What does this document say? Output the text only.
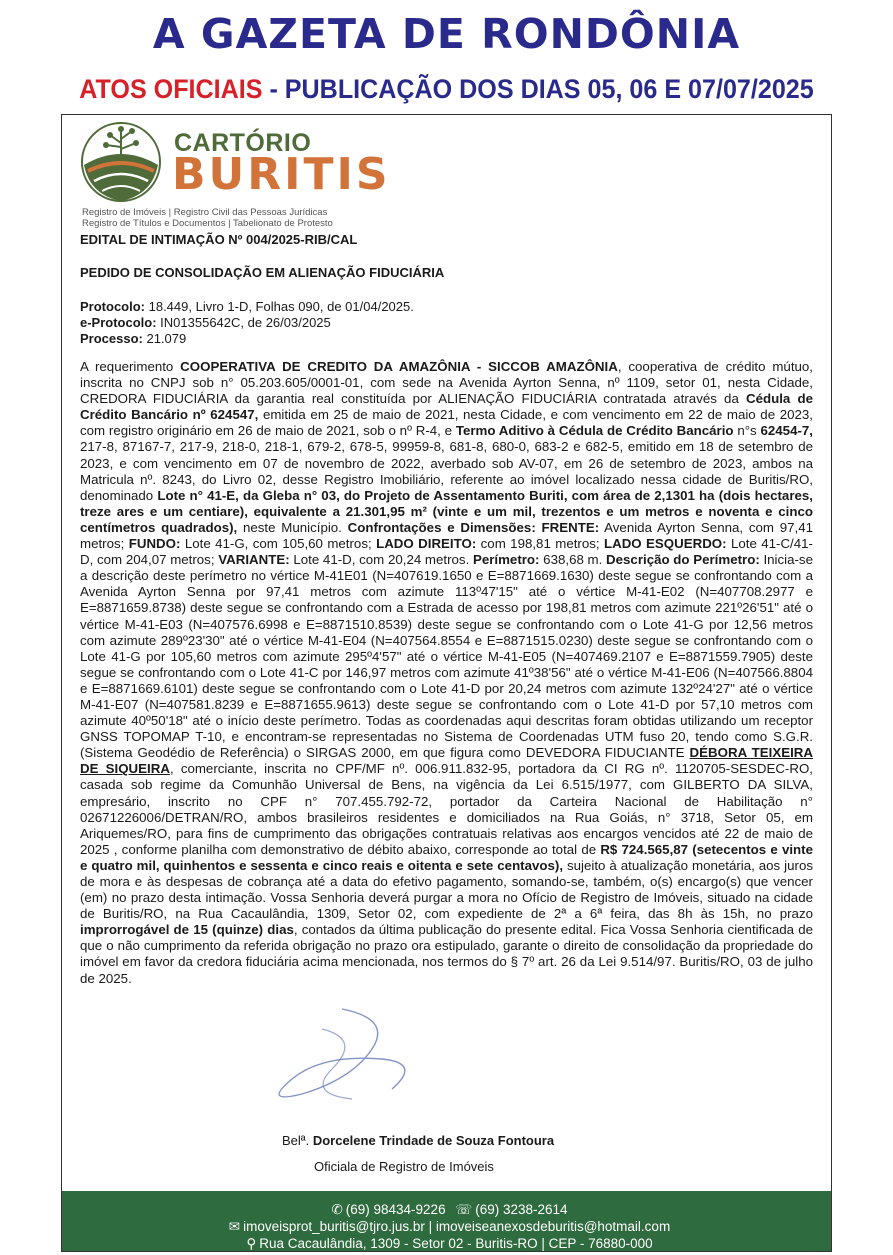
A GAZETA DE RONDÔNIA
ATOS OFICIAIS - PUBLICAÇÃO DOS DIAS 05, 06 E 07/07/2025
CARTÓRIO
BURITIS
Registro de Imóveis | Registro Civil das Pessoas Jurídicas
Registro de Títulos e Documentos | Tabelionato de Protesto
EDITAL DE INTIMAÇÃO Nº 004/2025-RIB/CAL
PEDIDO DE CONSOLIDAÇÃO EM ALIENAÇÃO FIDUCIÁRIA
Protocolo: 18.449, Livro 1-D, Folhas 090, de 01/04/2025.
e-Protocolo: IN01355642C, de 26/03/2025
Processo: 21.079
A requerimento COOPERATIVA DE CREDITO DA AMAZÔNIA - SICCOB AMAZÔNIA, cooperativa de crédito mútuo, inscrita no CNPJ sob n° 05.203.605/0001-01, com sede na Avenida Ayrton Senna, nº 1109, setor 01, nesta Cidade, CREDORA FIDUCIÁRIA da garantia real constituída por ALIENAÇÃO FIDUCIÁRIA contratada através da Cédula de Crédito Bancário nº 624547, emitida em 25 de maio de 2021, nesta Cidade, e com vencimento em 22 de maio de 2023, com registro originário em 26 de maio de 2021, sob o nº R-4, e Termo Aditivo à Cédula de Crédito Bancário n°s 62454-7, 217-8, 87167-7, 217-9, 218-0, 218-1, 679-2, 678-5, 99959-8, 681-8, 680-0, 683-2 e 682-5, emitido em 18 de setembro de 2023, e com vencimento em 07 de novembro de 2022, averbado sob AV-07, em 26 de setembro de 2023, ambos na Matricula nº. 8243, do Livro 02, desse Registro Imobiliário, referente ao imóvel localizado nessa cidade de Buritis/RO, denominado Lote n° 41-E, da Gleba n° 03, do Projeto de Assentamento Buriti, com área de 2,1301 ha (dois hectares, treze ares e um centiare), equivalente a 21.301,95 m² (vinte e um mil, trezentos e um metros e noventa e cinco centímetros quadrados), neste Município. Confrontações e Dimensões: FRENTE: Avenida Ayrton Senna, com 97,41 metros; FUNDO: Lote 41-G, com 105,60 metros; LADO DIREITO: com 198,81 metros; LADO ESQUERDO: Lote 41-C/41-D, com 204,07 metros; VARIANTE: Lote 41-D, com 20,24 metros. Perímetro: 638,68 m. Descrição do Perímetro: Inicia-se a descrição deste perímetro no vértice M-41E01 (N=407619.1650 e E=8871669.1630) deste segue se confrontando com a Avenida Ayrton Senna por 97,41 metros com azimute 113º47'15" até o vértice M-41-E02 (N=407708.2977 e E=8871659.8738) deste segue se confrontando com a Estrada de acesso por 198,81 metros com azimute 221º26'51" até o vértice M-41-E03 (N=407576.6998 e E=8871510.8539) deste segue se confrontando com o Lote 41-G por 12,56 metros com azimute 289º23'30" até o vértice M-41-E04 (N=407564.8554 e E=8871515.0230) deste segue se confrontando com o Lote 41-G por 105,60 metros com azimute 295º4'57" até o vértice M-41-E05 (N=407469.2107 e E=8871559.7905) deste segue se confrontando com o Lote 41-C por 146,97 metros com azimute 41º38'56" até o vértice M-41-E06 (N=407566.8804 e E=8871669.6101) deste segue se confrontando com o Lote 41-D por 20,24 metros com azimute 132º24'27" até o vértice M-41-E07 (N=407581.8239 e E=8871655.9613) deste segue se confrontando com o Lote 41-D por 57,10 metros com azimute 40º50'18" até o início deste perímetro. Todas as coordenadas aqui descritas foram obtidas utilizando um receptor GNSS TOPOMAP T-10, e encontram-se representadas no Sistema de Coordenadas UTM fuso 20, tendo como S.G.R. (Sistema Geodédio de Referência) o SIRGAS 2000, em que figura como DEVEDORA FIDUCIANTE DÉBORA TEIXEIRA DE SIQUEIRA, comerciante, inscrita no CPF/MF nº. 006.911.832-95, portadora da CI RG nº. 1120705-SESDEC-RO, casada sob regime da Comunhão Universal de Bens, na vigência da Lei 6.515/1977, com GILBERTO DA SILVA, empresário, inscrito no CPF n° 707.455.792-72, portador da Carteira Nacional de Habilitação n° 02671226006/DETRAN/RO, ambos brasileiros residentes e domiciliados na Rua Goiás, n° 3718, Setor 05, em Ariquemes/RO, para fins de cumprimento das obrigações contratuais relativas aos encargos vencidos até 22 de maio de 2025 , conforme planilha com demonstrativo de débito abaixo, corresponde ao total de R$ 724.565,87 (setecentos e vinte e quatro mil, quinhentos e sessenta e cinco reais e oitenta e sete centavos), sujeito à atualização monetária, aos juros de mora e às despesas de cobrança até a data do efetivo pagamento, somando-se, também, o(s) encargo(s) que vencer (em) no prazo desta intimação. Vossa Senhoria deverá purgar a mora no Ofício de Registro de Imóveis, situado na cidade de Buritis/RO, na Rua Cacaulândia, 1309, Setor 02, com expediente de 2ª a 6ª feira, das 8h às 15h, no prazo improrrogável de 15 (quinze) dias, contados da última publicação do presente edital. Fica Vossa Senhoria cientificada de que o não cumprimento da referida obrigação no prazo ora estipulado, garante o direito de consolidação da propriedade do imóvel em favor da credora fiduciária acima mencionada, nos termos do § 7º art. 26 da Lei 9.514/97. Buritis/RO, 03 de julho de 2025.
Belª. Dorcelene Trindade de Souza Fontoura
Oficiala de Registro de Imóveis
✆ (69) 98434-9226 ☏ (69) 3238-2614
✉ imoveisprot_buritis@tjro.jus.br | imoveiseanexosdeburitis@hotmail.com
⚲ Rua Cacaulândia, 1309 - Setor 02 - Buritis-RO | CEP - 76880-000
